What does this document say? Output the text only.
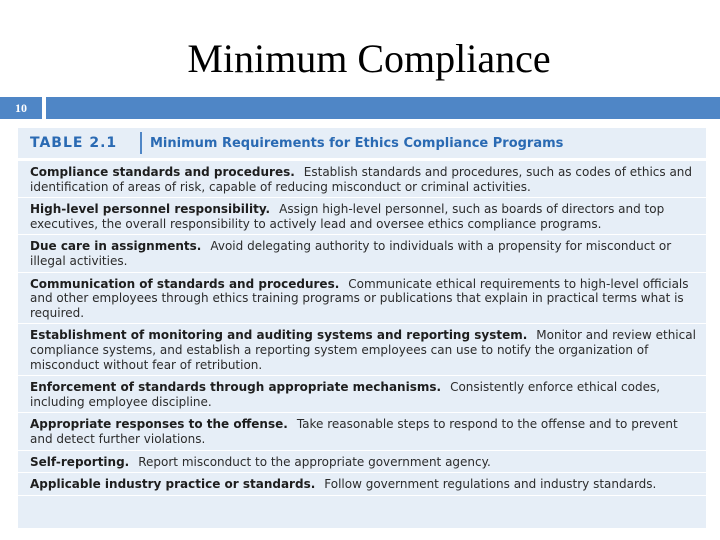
Minimum Compliance
10
TABLE 2.1	Minimum Requirements for Ethics Compliance Programs
Compliance standards and procedures. Establish standards and procedures, such as codes of ethics and identification of areas of risk, capable of reducing misconduct or criminal activities.
High-level personnel responsibility. Assign high-level personnel, such as boards of directors and top executives, the overall responsibility to actively lead and oversee ethics compliance programs.
Due care in assignments. Avoid delegating authority to individuals with a propensity for misconduct or illegal activities.
Communication of standards and procedures. Communicate ethical requirements to high-level officials and other employees through ethics training programs or publications that explain in practical terms what is required.
Establishment of monitoring and auditing systems and reporting system. Monitor and review ethical compliance systems, and establish a reporting system employees can use to notify the organization of misconduct without fear of retribution.
Enforcement of standards through appropriate mechanisms. Consistently enforce ethical codes, including employee discipline.
Appropriate responses to the offense. Take reasonable steps to respond to the offense and to prevent and detect further violations.
Self-reporting. Report misconduct to the appropriate government agency.
Applicable industry practice or standards. Follow government regulations and industry standards.
